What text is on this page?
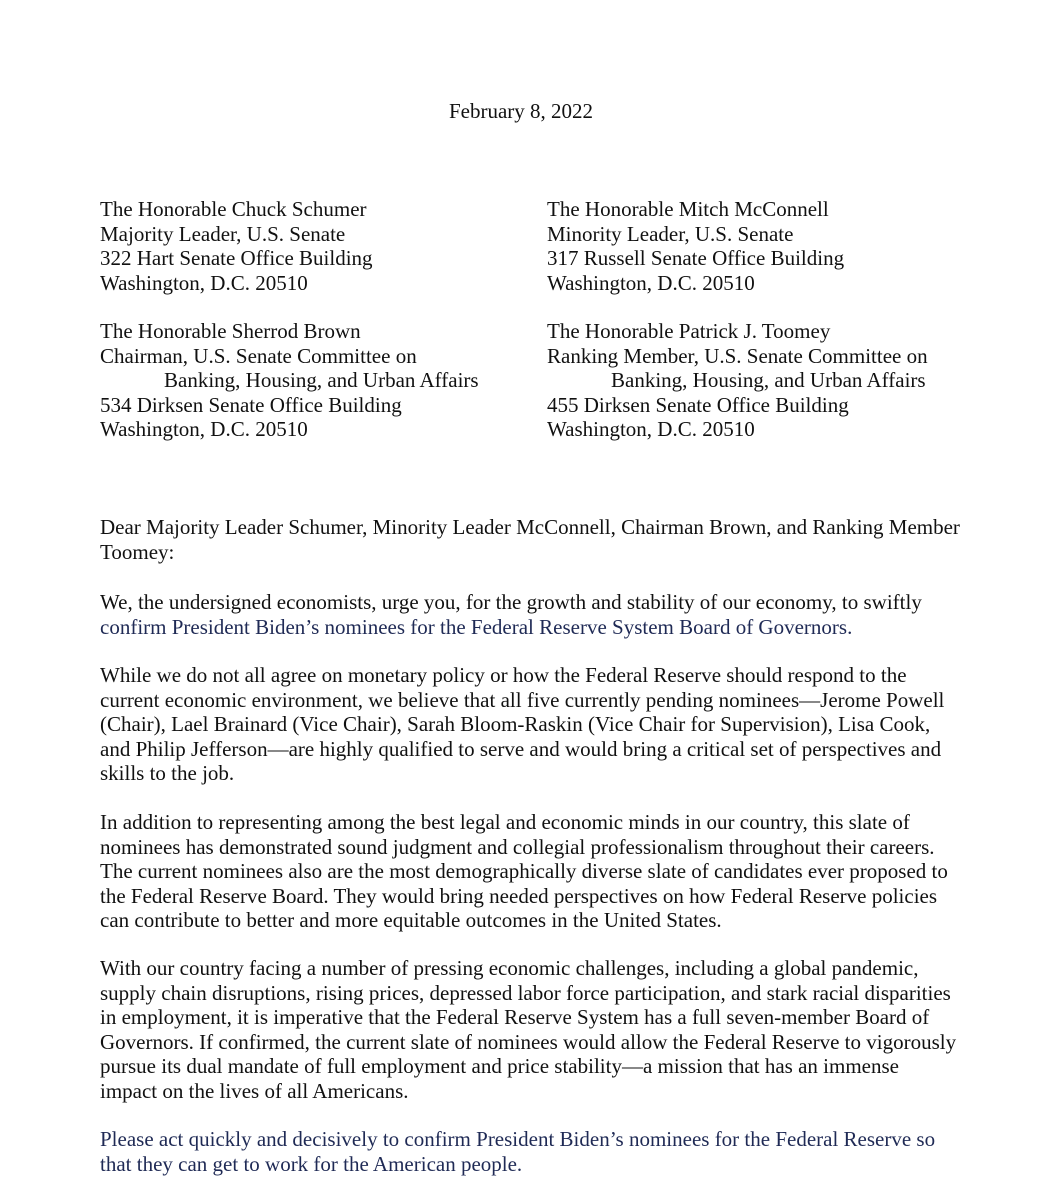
February 8, 2022
The Honorable Chuck Schumer
Majority Leader, U.S. Senate
322 Hart Senate Office Building
Washington, D.C. 20510
The Honorable Mitch McConnell
Minority Leader, U.S. Senate
317 Russell Senate Office Building
Washington, D.C. 20510
The Honorable Sherrod Brown
Chairman, U.S. Senate Committee on
Banking, Housing, and Urban Affairs
534 Dirksen Senate Office Building
Washington, D.C. 20510
The Honorable Patrick J. Toomey
Ranking Member, U.S. Senate Committee on
Banking, Housing, and Urban Affairs
455 Dirksen Senate Office Building
Washington, D.C. 20510

Dear Majority Leader Schumer, Minority Leader McConnell, Chairman Brown, and Ranking Member Toomey:

We, the undersigned economists, urge you, for the growth and stability of our economy, to swiftly confirm President Biden’s nominees for the Federal Reserve System Board of Governors.

While we do not all agree on monetary policy or how the Federal Reserve should respond to the current economic environment, we believe that all five currently pending nominees—Jerome Powell (Chair), Lael Brainard (Vice Chair), Sarah Bloom-Raskin (Vice Chair for Supervision), Lisa Cook, and Philip Jefferson—are highly qualified to serve and would bring a critical set of perspectives and skills to the job.

In addition to representing among the best legal and economic minds in our country, this slate of nominees has demonstrated sound judgment and collegial professionalism throughout their careers. The current nominees also are the most demographically diverse slate of candidates ever proposed to the Federal Reserve Board. They would bring needed perspectives on how Federal Reserve policies can contribute to better and more equitable outcomes in the United States.

With our country facing a number of pressing economic challenges, including a global pandemic, supply chain disruptions, rising prices, depressed labor force participation, and stark racial disparities in employment, it is imperative that the Federal Reserve System has a full seven-member Board of Governors. If confirmed, the current slate of nominees would allow the Federal Reserve to vigorously pursue its dual mandate of full employment and price stability—a mission that has an immense impact on the lives of all Americans.

Please act quickly and decisively to confirm President Biden’s nominees for the Federal Reserve so that they can get to work for the American people.
